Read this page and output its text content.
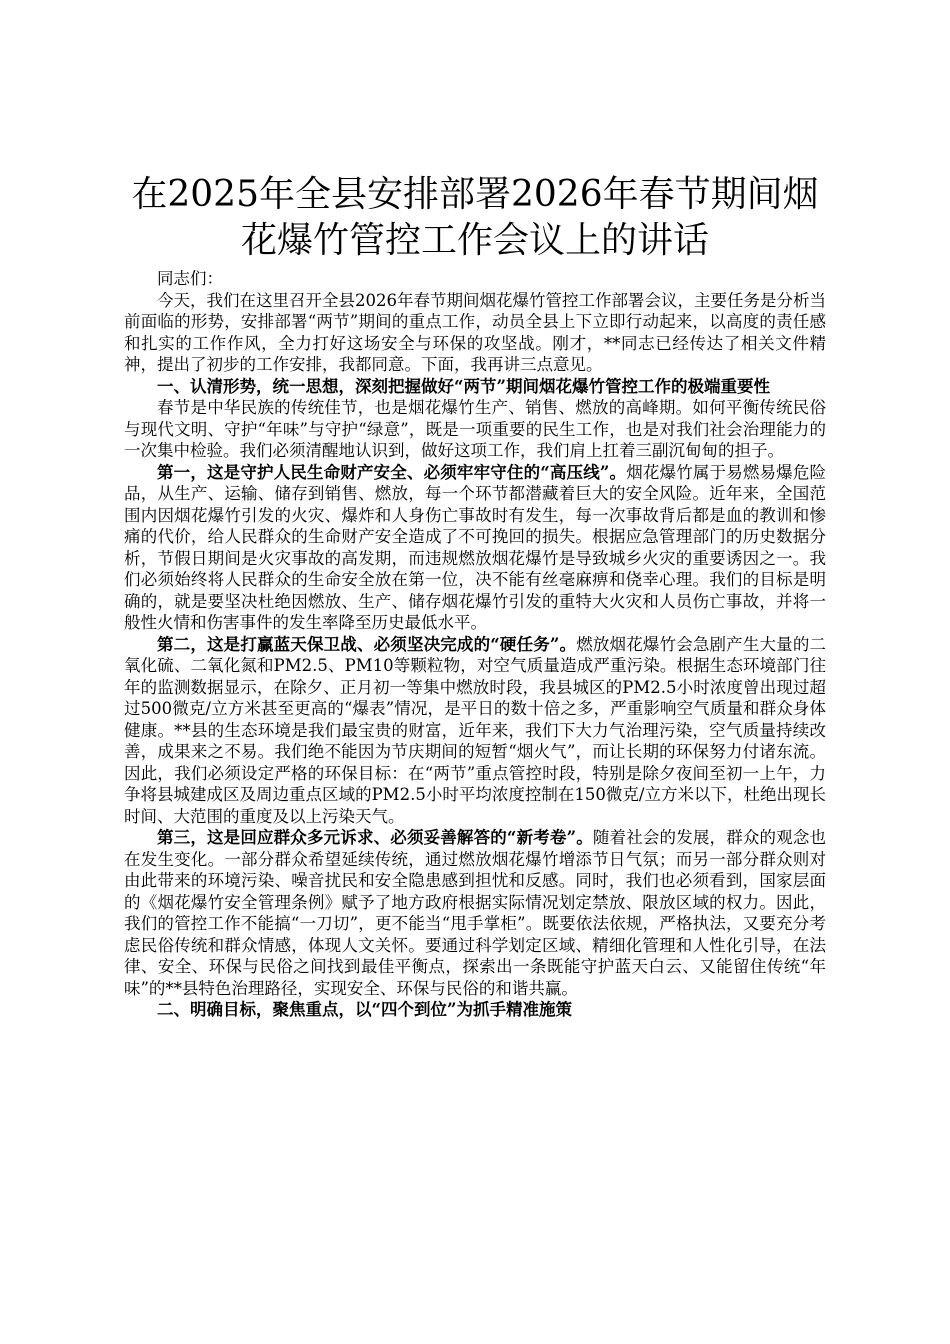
在2025年全县安排部署2026年春节期间烟花爆竹管控工作会议上的讲话

同志们：

今天，我们在这里召开全县2026年春节期间烟花爆竹管控工作部署会议，主要任务是分析当前面临的形势，安排部署“两节”期间的重点工作，动员全县上下立即行动起来，以高度的责任感和扎实的工作作风，全力打好这场安全与环保的攻坚战。刚才，**同志已经传达了相关文件精神，提出了初步的工作安排，我都同意。下面，我再讲三点意见。

一、认清形势，统一思想，深刻把握做好“两节”期间烟花爆竹管控工作的极端重要性

春节是中华民族的传统佳节，也是烟花爆竹生产、销售、燃放的高峰期。如何平衡传统民俗与现代文明、守护“年味”与守护“绿意”，既是一项重要的民生工作，也是对我们社会治理能力的一次集中检验。我们必须清醒地认识到，做好这项工作，我们肩上扛着三副沉甸甸的担子。

第一，这是守护人民生命财产安全、必须牢牢守住的“高压线”。烟花爆竹属于易燃易爆危险品，从生产、运输、储存到销售、燃放，每一个环节都潜藏着巨大的安全风险。近年来，全国范围内因烟花爆竹引发的火灾、爆炸和人身伤亡事故时有发生，每一次事故背后都是血的教训和惨痛的代价，给人民群众的生命财产安全造成了不可挽回的损失。根据应急管理部门的历史数据分析，节假日期间是火灾事故的高发期，而违规燃放烟花爆竹是导致城乡火灾的重要诱因之一。我们必须始终将人民群众的生命安全放在第一位，决不能有丝毫麻痹和侥幸心理。我们的目标是明确的，就是要坚决杜绝因燃放、生产、储存烟花爆竹引发的重特大火灾和人员伤亡事故，并将一般性火情和伤害事件的发生率降至历史最低水平。

第二，这是打赢蓝天保卫战、必须坚决完成的“硬任务”。燃放烟花爆竹会急剧产生大量的二氧化硫、二氧化氮和PM2.5、PM10等颗粒物，对空气质量造成严重污染。根据生态环境部门往年的监测数据显示，在除夕、正月初一等集中燃放时段，我县城区的PM2.5小时浓度曾出现过超过500微克/立方米甚至更高的“爆表”情况，是平日的数十倍之多，严重影响空气质量和群众身体健康。**县的生态环境是我们最宝贵的财富，近年来，我们下大力气治理污染，空气质量持续改善，成果来之不易。我们绝不能因为节庆期间的短暂“烟火气”，而让长期的环保努力付诸东流。因此，我们必须设定严格的环保目标：在“两节”重点管控时段，特别是除夕夜间至初一上午，力争将县城建成区及周边重点区域的PM2.5小时平均浓度控制在150微克/立方米以下，杜绝出现长时间、大范围的重度及以上污染天气。

第三，这是回应群众多元诉求、必须妥善解答的“新考卷”。随着社会的发展，群众的观念也在发生变化。一部分群众希望延续传统，通过燃放烟花爆竹增添节日气氛；而另一部分群众则对由此带来的环境污染、噪音扰民和安全隐患感到担忧和反感。同时，我们也必须看到，国家层面的《烟花爆竹安全管理条例》赋予了地方政府根据实际情况划定禁放、限放区域的权力。因此，我们的管控工作不能搞“一刀切”，更不能当“甩手掌柜”。既要依法依规，严格执法，又要充分考虑民俗传统和群众情感，体现人文关怀。要通过科学划定区域、精细化管理和人性化引导，在法律、安全、环保与民俗之间找到最佳平衡点，探索出一条既能守护蓝天白云、又能留住传统“年味”的**县特色治理路径，实现安全、环保与民俗的和谐共赢。

二、明确目标，聚焦重点，以“四个到位”为抓手精准施策
